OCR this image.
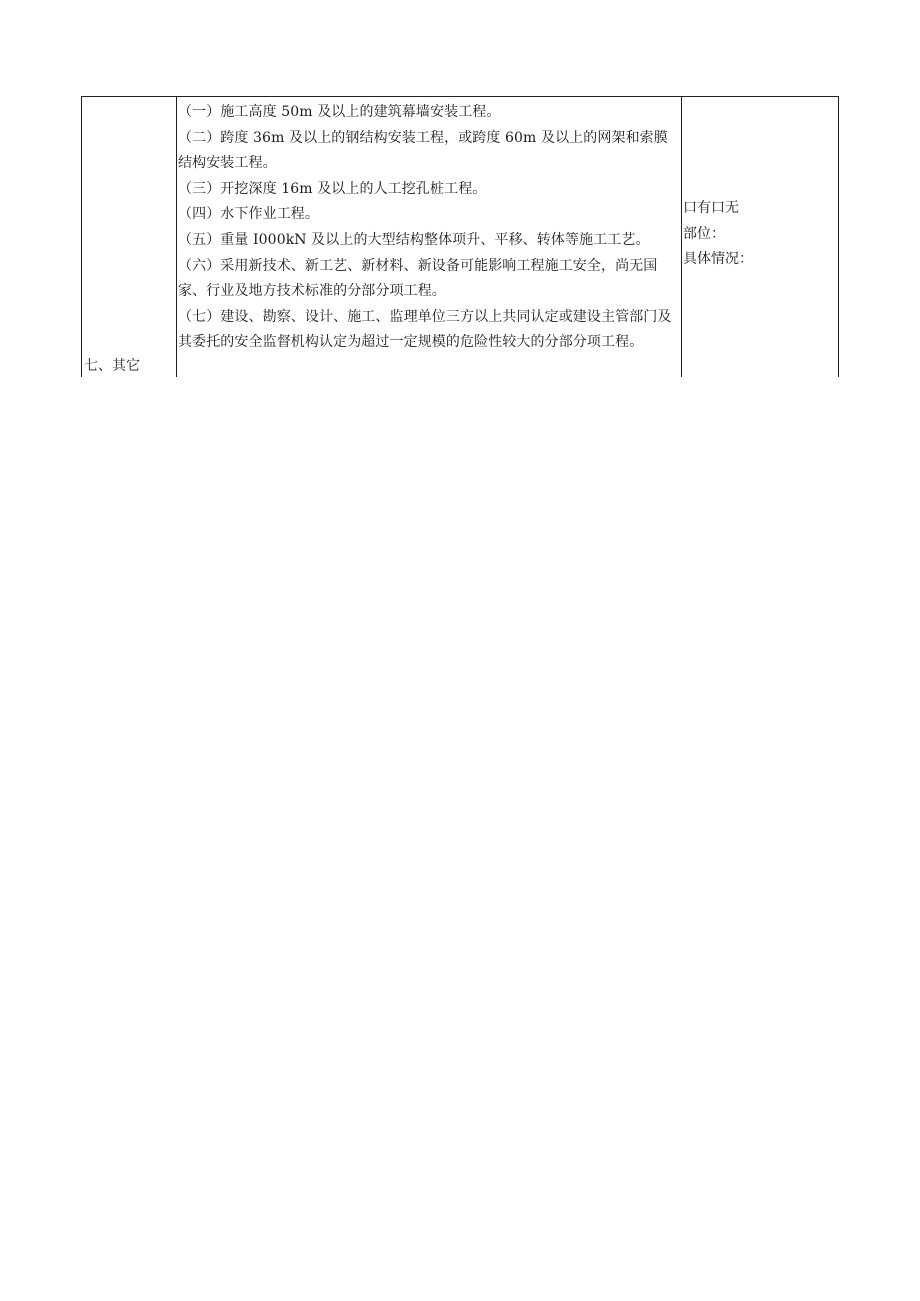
七、其它

（一）施工高度 50m 及以上的建筑幕墙安装工程。

（二）跨度 36m 及以上的钢结构安装工程，或跨度 60m 及以上的网架和索膜结构安装工程。

（三）开挖深度 16m 及以上的人工挖孔桩工程。

（四）水下作业工程。

（五）重量 I000kN 及以上的大型结构整体项升、平移、转体等施工工艺。

（六）采用新技术、新工艺、新材料、新设备可能影响工程施工安全，尚无国家、行业及地方技术标准的分部分项工程。

（七）建设、勘察、设计、施工、监理单位三方以上共同认定或建设主管部门及其委托的安全监督机构认定为超过一定规模的危险性较大的分部分项工程。

口有口无

部位：

具体情况：
